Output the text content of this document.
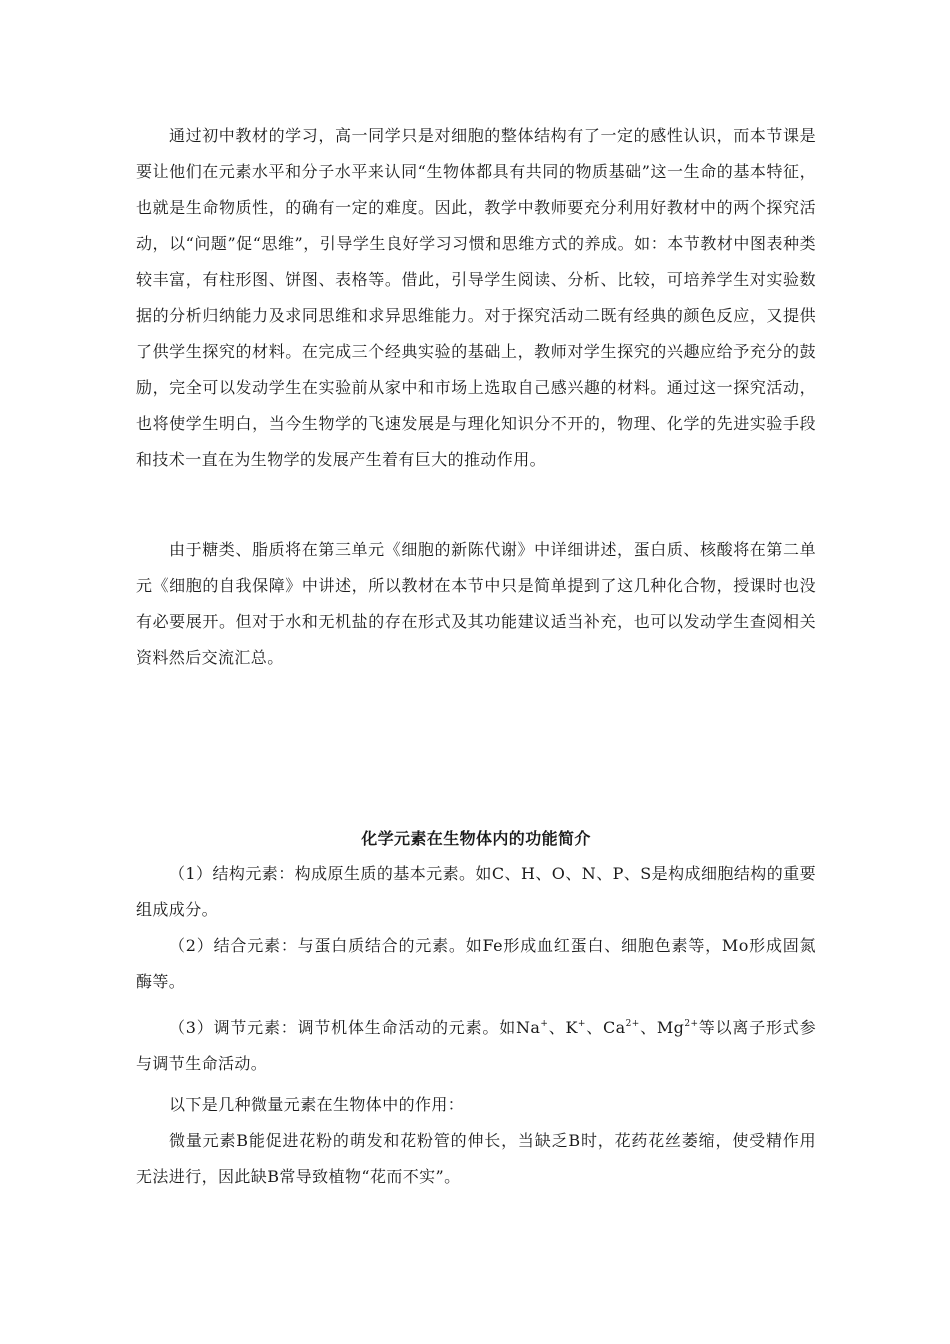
通过初中教材的学习，高一同学只是对细胞的整体结构有了一定的感性认识，而本节课是要让他们在元素水平和分子水平来认同“生物体都具有共同的物质基础”这一生命的基本特征，也就是生命物质性，的确有一定的难度。因此，教学中教师要充分利用好教材中的两个探究活动，以“问题”促“思维”，引导学生良好学习习惯和思维方式的养成。如：本节教材中图表种类较丰富，有柱形图、饼图、表格等。借此，引导学生阅读、分析、比较，可培养学生对实验数据的分析归纳能力及求同思维和求异思维能力。对于探究活动二既有经典的颜色反应，又提供了供学生探究的材料。在完成三个经典实验的基础上，教师对学生探究的兴趣应给予充分的鼓励，完全可以发动学生在实验前从家中和市场上选取自己感兴趣的材料。通过这一探究活动，也将使学生明白，当今生物学的飞速发展是与理化知识分不开的，物理、化学的先进实验手段和技术一直在为生物学的发展产生着有巨大的推动作用。

由于糖类、脂质将在第三单元《细胞的新陈代谢》中详细讲述，蛋白质、核酸将在第二单元《细胞的自我保障》中讲述，所以教材在本节中只是简单提到了这几种化合物，授课时也没有必要展开。但对于水和无机盐的存在形式及其功能建议适当补充，也可以发动学生查阅相关资料然后交流汇总。

化学元素在生物体内的功能简介

（1）结构元素：构成原生质的基本元素。如C、H、O、N、P、S是构成细胞结构的重要组成成分。

（2）结合元素：与蛋白质结合的元素。如Fe形成血红蛋白、细胞色素等，Mo形成固氮酶等。

（3）调节元素：调节机体生命活动的元素。如Na+、K+、$Ca^{2+}$、$Mg^{2+}$等以离子形式参与调节生命活动。

以下是几种微量元素在生物体中的作用：

微量元素B能促进花粉的萌发和花粉管的伸长，当缺乏B时，花药花丝萎缩，使受精作用无法进行，因此缺B常导致植物“花而不实”。
